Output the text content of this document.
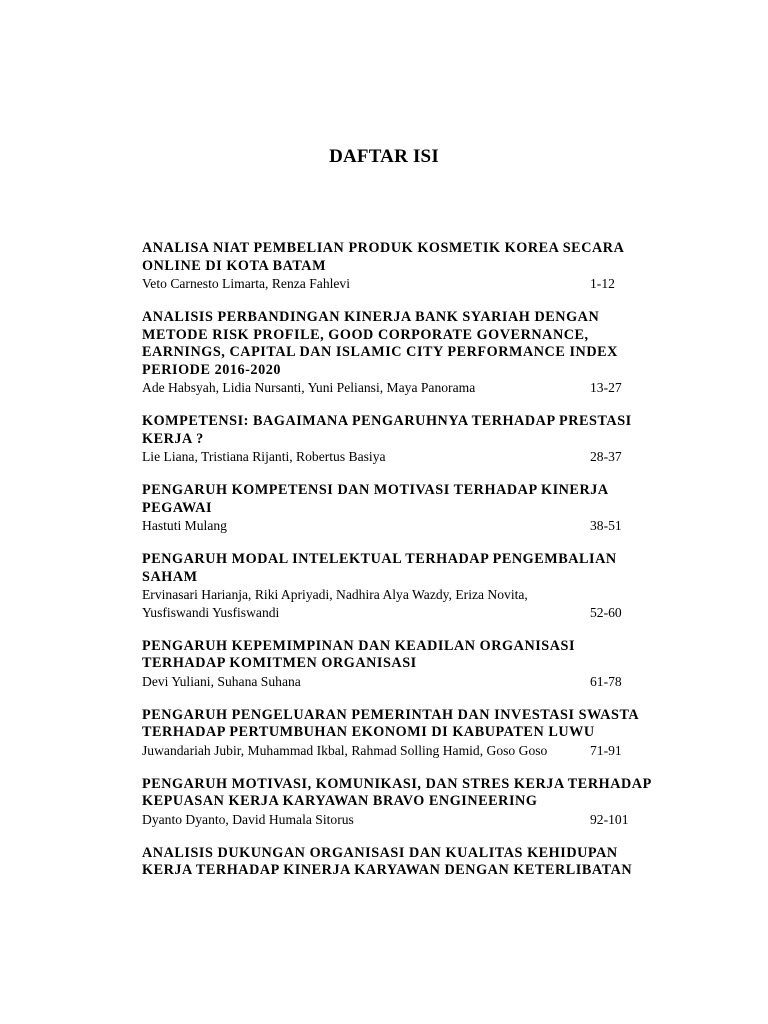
DAFTAR ISI
ANALISA NIAT PEMBELIAN PRODUK KOSMETIK KOREA SECARA
ONLINE DI KOTA BATAM
Veto Carnesto Limarta, Renza Fahlevi	1-12
ANALISIS PERBANDINGAN KINERJA BANK SYARIAH DENGAN
METODE RISK PROFILE, GOOD CORPORATE GOVERNANCE,
EARNINGS, CAPITAL DAN ISLAMIC CITY PERFORMANCE INDEX
PERIODE 2016-2020
Ade Habsyah, Lidia Nursanti, Yuni Peliansi, Maya Panorama	13-27
KOMPETENSI: BAGAIMANA PENGARUHNYA TERHADAP PRESTASI
KERJA ?
Lie Liana, Tristiana Rijanti, Robertus Basiya	28-37
PENGARUH KOMPETENSI DAN MOTIVASI TERHADAP KINERJA
PEGAWAI
Hastuti Mulang	38-51
PENGARUH MODAL INTELEKTUAL TERHADAP PENGEMBALIAN
SAHAM
Ervinasari Harianja, Riki Apriyadi, Nadhira Alya Wazdy, Eriza Novita,
Yusfiswandi Yusfiswandi	52-60
PENGARUH KEPEMIMPINAN DAN KEADILAN ORGANISASI
TERHADAP KOMITMEN ORGANISASI
Devi Yuliani, Suhana Suhana	61-78
PENGARUH PENGELUARAN PEMERINTAH DAN INVESTASI SWASTA
TERHADAP PERTUMBUHAN EKONOMI DI KABUPATEN LUWU
Juwandariah Jubir, Muhammad Ikbal, Rahmad Solling Hamid, Goso Goso	71-91
PENGARUH MOTIVASI, KOMUNIKASI, DAN STRES KERJA TERHADAP
KEPUASAN KERJA KARYAWAN BRAVO ENGINEERING
Dyanto Dyanto, David Humala Sitorus	92-101
ANALISIS DUKUNGAN ORGANISASI DAN KUALITAS KEHIDUPAN
KERJA TERHADAP KINERJA KARYAWAN DENGAN KETERLIBATAN
